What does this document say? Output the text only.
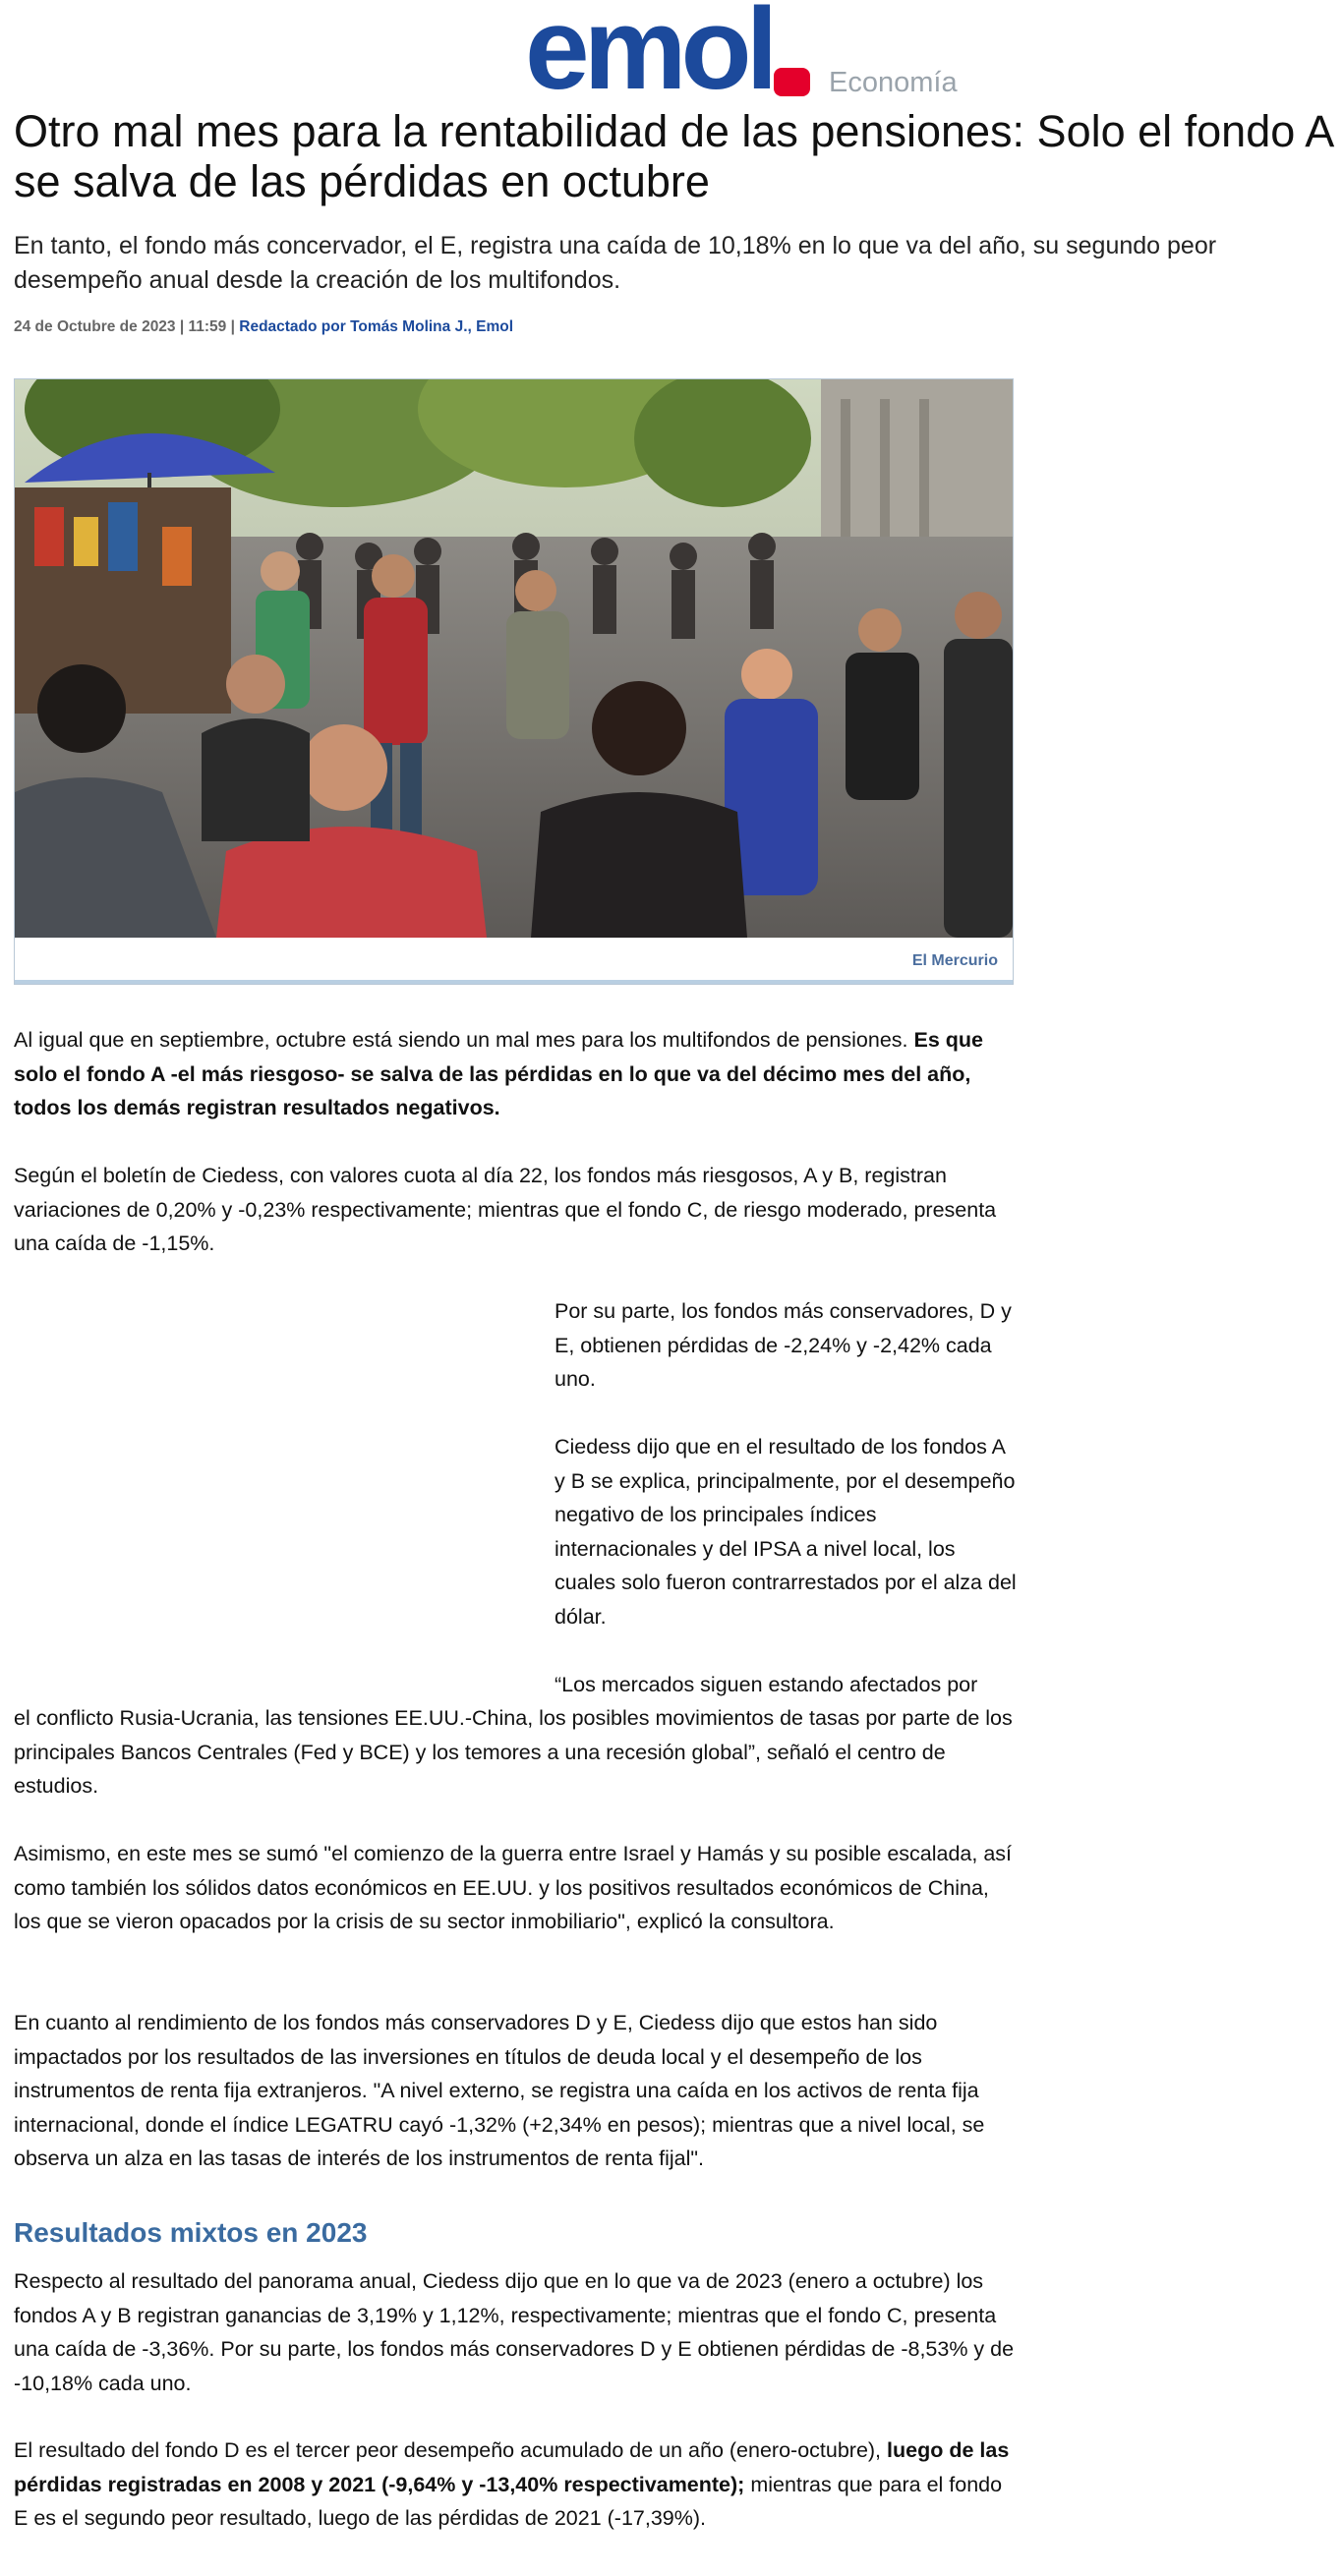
emol Economía
Otro mal mes para la rentabilidad de las pensiones: Solo el fondo A se salva de las pérdidas en octubre

En tanto, el fondo más concervador, el E, registra una caída de 10,18% en lo que va del año, su segundo peor desempeño anual desde la creación de los multifondos.

24 de Octubre de 2023 | 11:59 | Redactado por Tomás Molina J., Emol
El Mercurio

Al igual que en septiembre, octubre está siendo un mal mes para los multifondos de pensiones. Es que solo el fondo A -el más riesgoso- se salva de las pérdidas en lo que va del décimo mes del año, todos los demás registran resultados negativos.

Según el boletín de Ciedess, con valores cuota al día 22, los fondos más riesgosos, A y B, registran variaciones de 0,20% y -0,23% respectivamente; mientras que el fondo C, de riesgo moderado, presenta una caída de -1,15%.

Por su parte, los fondos más conservadores, D y E, obtienen pérdidas de -2,24% y -2,42% cada uno.

Ciedess dijo que en el resultado de los fondos A y B se explica, principalmente, por el desempeño negativo de los principales índices internacionales y del IPSA a nivel local, los cuales solo fueron contrarrestados por el alza del dólar.

“Los mercados siguen estando afectados por

el conflicto Rusia-Ucrania, las tensiones EE.UU.-China, los posibles movimientos de tasas por parte de los principales Bancos Centrales (Fed y BCE) y los temores a una recesión global”, señaló el centro de estudios.

Asimismo, en este mes se sumó "el comienzo de la guerra entre Israel y Hamás y su posible escalada, así como también los sólidos datos económicos en EE.UU. y los positivos resultados económicos de China, los que se vieron opacados por la crisis de su sector inmobiliario", explicó la consultora.

En cuanto al rendimiento de los fondos más conservadores D y E, Ciedess dijo que estos han sido impactados por los resultados de las inversiones en títulos de deuda local y el desempeño de los instrumentos de renta fija extranjeros. "A nivel externo, se registra una caída en los activos de renta fija internacional, donde el índice LEGATRU cayó -1,32% (+2,34% en pesos); mientras que a nivel local, se observa un alza en las tasas de interés de los instrumentos de renta fijal".

Resultados mixtos en 2023

Respecto al resultado del panorama anual, Ciedess dijo que en lo que va de 2023 (enero a octubre) los fondos A y B registran ganancias de 3,19% y 1,12%, respectivamente; mientras que el fondo C, presenta una caída de -3,36%. Por su parte, los fondos más conservadores D y E obtienen pérdidas de -8,53% y de -10,18% cada uno.

El resultado del fondo D es el tercer peor desempeño acumulado de un año (enero-octubre), luego de las pérdidas registradas en 2008 y 2021 (-9,64% y -13,40% respectivamente); mientras que para el fondo E es el segundo peor resultado, luego de las pérdidas de 2021 (-17,39%).
